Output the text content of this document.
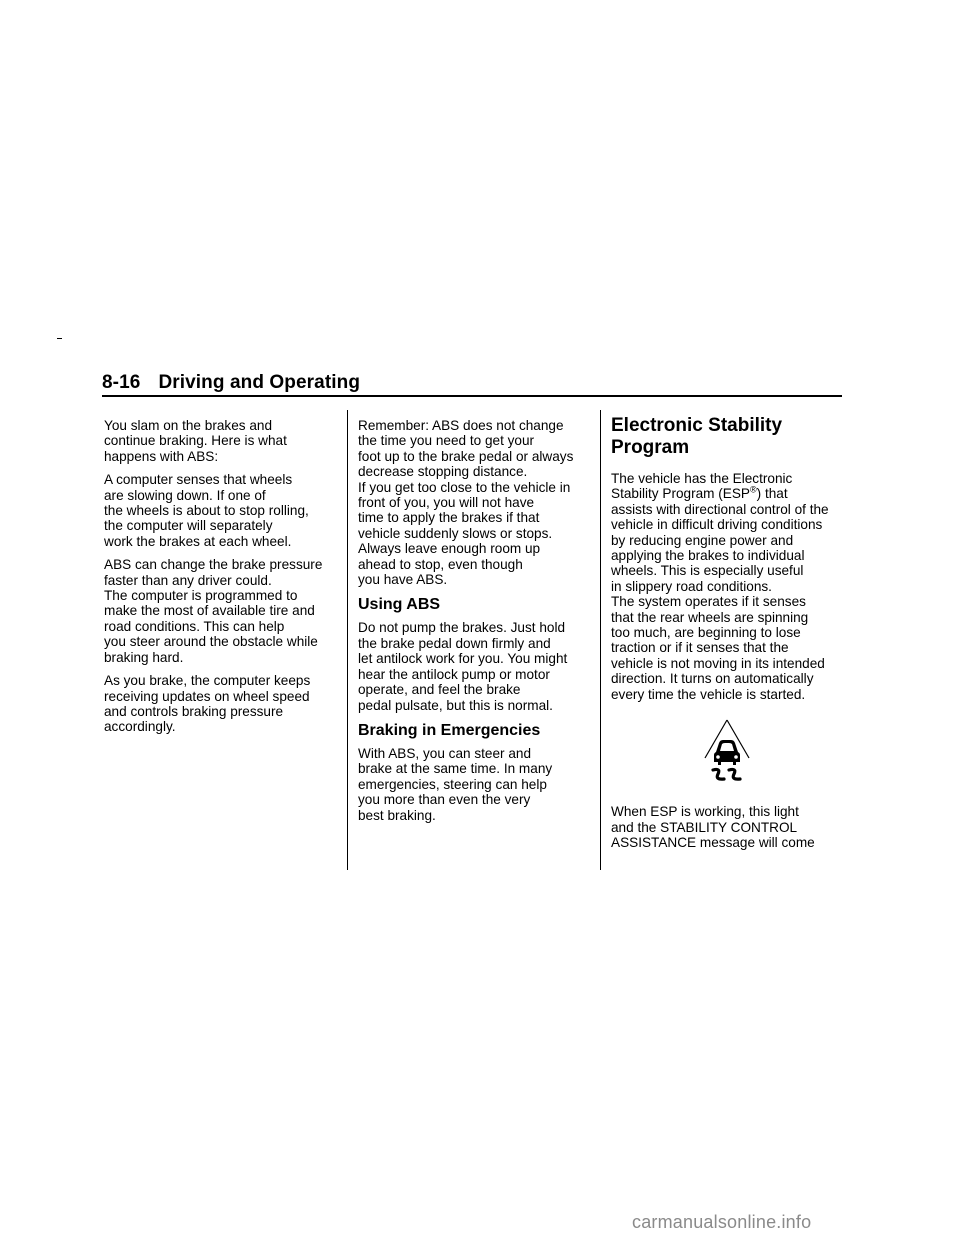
8-16 Driving and Operating

You slam on the brakes and
continue braking. Here is what
happens with ABS:

A computer senses that wheels
are slowing down. If one of
the wheels is about to stop rolling,
the computer will separately
work the brakes at each wheel.

ABS can change the brake pressure
faster than any driver could.
The computer is programmed to
make the most of available tire and
road conditions. This can help
you steer around the obstacle while
braking hard.

As you brake, the computer keeps
receiving updates on wheel speed
and controls braking pressure
accordingly.

Remember: ABS does not change
the time you need to get your
foot up to the brake pedal or always
decrease stopping distance.
If you get too close to the vehicle in
front of you, you will not have
time to apply the brakes if that
vehicle suddenly slows or stops.
Always leave enough room up
ahead to stop, even though
you have ABS.

Using ABS

Do not pump the brakes. Just hold
the brake pedal down firmly and
let antilock work for you. You might
hear the antilock pump or motor
operate, and feel the brake
pedal pulsate, but this is normal.

Braking in Emergencies

With ABS, you can steer and
brake at the same time. In many
emergencies, steering can help
you more than even the very
best braking.

Electronic Stability
Program

The vehicle has the Electronic
Stability Program (ESP®) that
assists with directional control of the
vehicle in difficult driving conditions
by reducing engine power and
applying the brakes to individual
wheels. This is especially useful
in slippery road conditions.
The system operates if it senses
that the rear wheels are spinning
too much, are beginning to lose
traction or if it senses that the
vehicle is not moving in its intended
direction. It turns on automatically
every time the vehicle is started.

When ESP is working, this light
and the STABILITY CONTROL
ASSISTANCE message will come

carmanualsonline.info
